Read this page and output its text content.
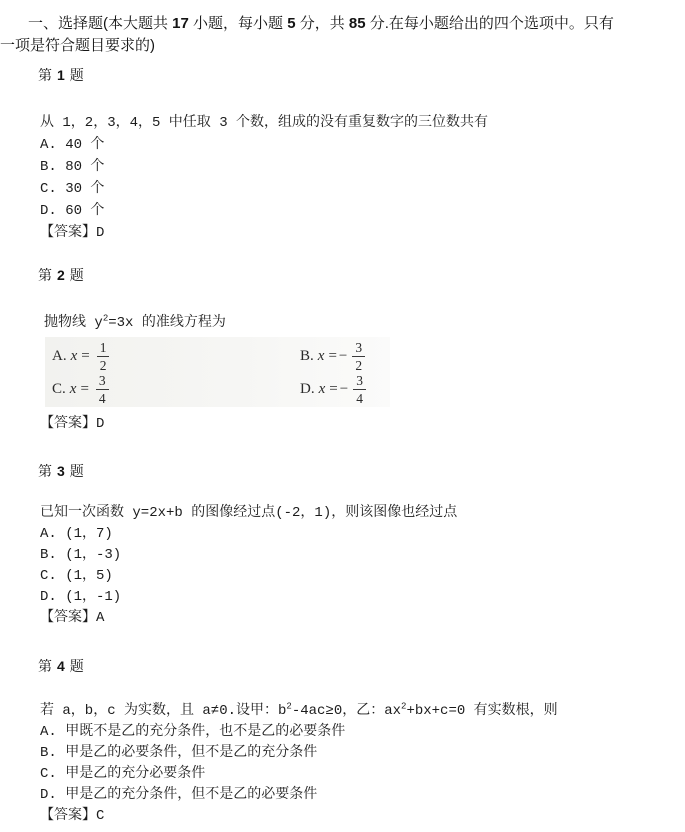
一、选择题(本大题共 17 小题，每小题 5 分，共 85 分.在每小题给出的四个选项中。只有
一项是符合题目要求的)
第 1 题
从 1，2，3，4，5 中任取 3 个数，组成的没有重复数字的三位数共有
A. 40 个
B. 80 个
C. 30 个
D. 60 个
【答案】D
第 2 题
抛物线 $y^2=3x$ 的准线方程为
A. $x = \frac{1}{2}$	B. x = − $\frac{3}{2}$
C. $x = \frac{3}{4}$	D. x = − $\frac{3}{4}$
【答案】D
第 3 题
已知一次函数 y=2x+b 的图像经过点(-2，1)，则该图像也经过点
A. (1，7)
B. (1，-3)
C. (1，5)
D. (1，-1)
【答案】A
第 4 题
若 a，b，c 为实数，且 a≠0.设甲：$b^2-4ac\ge 0$，乙：$ax^2+bx+c=0$ 有实数根，则
A. 甲既不是乙的充分条件，也不是乙的必要条件
B. 甲是乙的必要条件，但不是乙的充分条件
C. 甲是乙的充分必要条件
D. 甲是乙的充分条件，但不是乙的必要条件
【答案】C
